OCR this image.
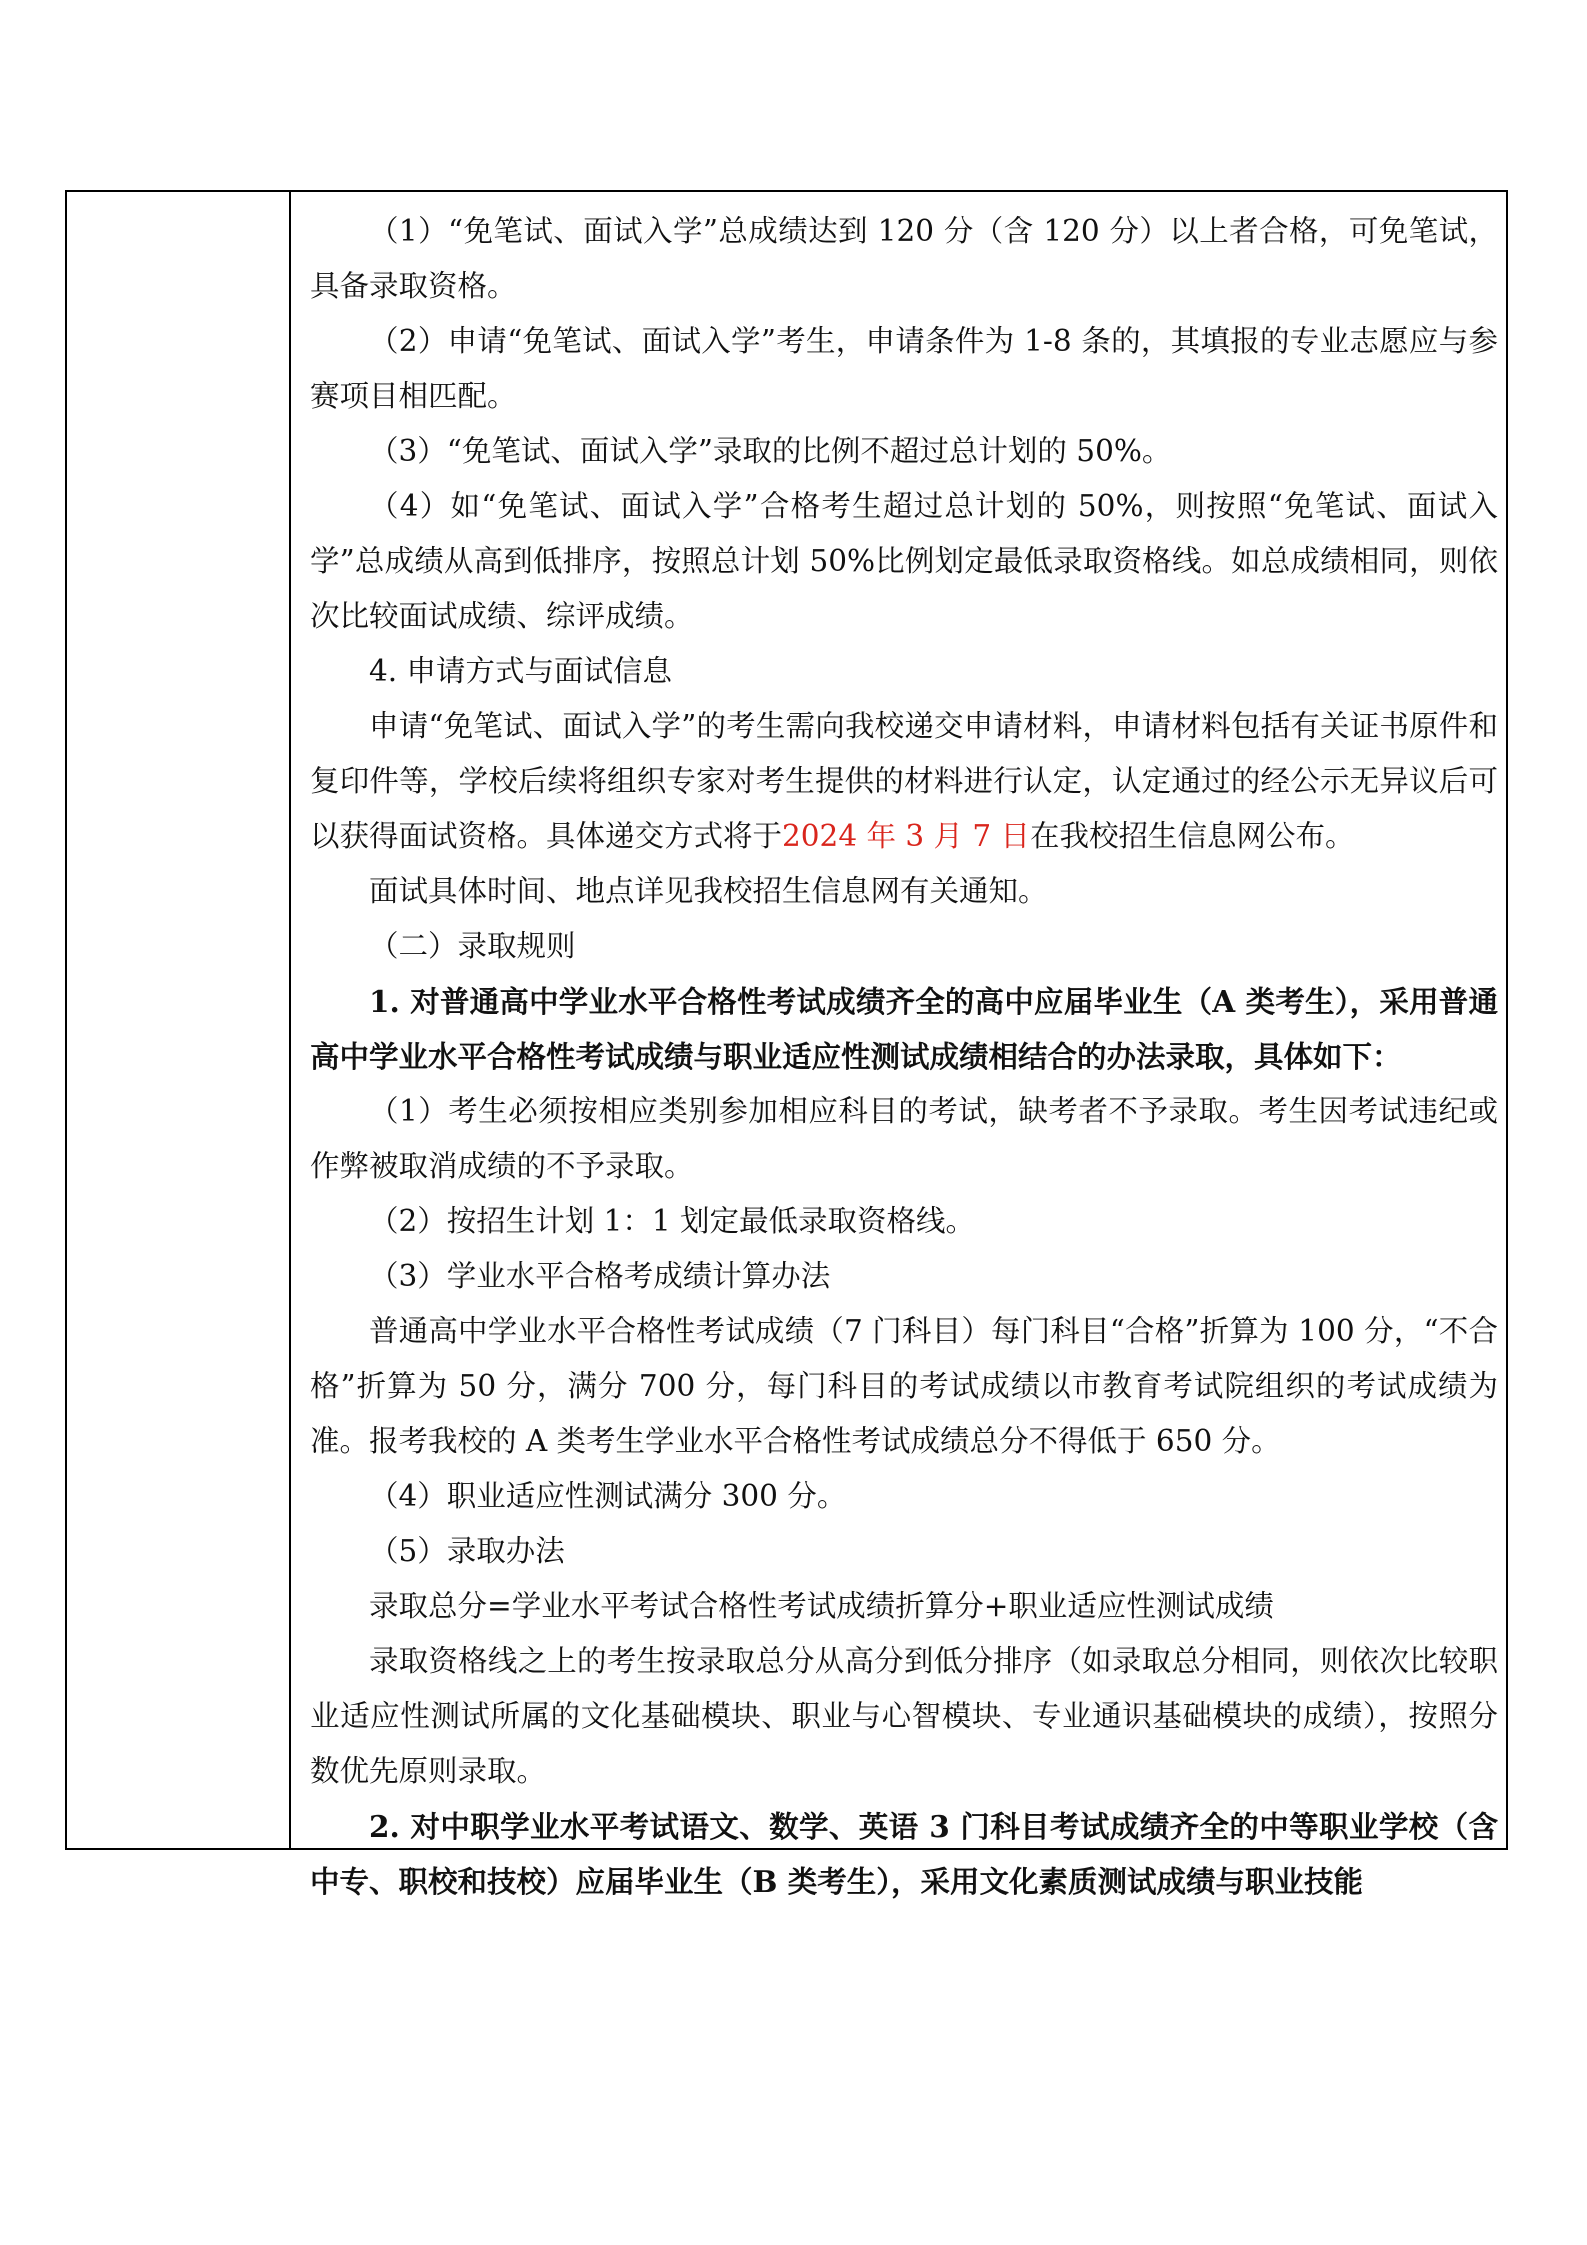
（1）“免笔试、面试入学”总成绩达到 120 分（含 120 分）以上者合格，可免笔试，具备录取资格。

（2）申请“免笔试、面试入学”考生，申请条件为 1-8 条的，其填报的专业志愿应与参赛项目相匹配。

（3）“免笔试、面试入学”录取的比例不超过总计划的 50%。

（4）如“免笔试、面试入学”合格考生超过总计划的 50%，则按照“免笔试、面试入学”总成绩从高到低排序，按照总计划 50%比例划定最低录取资格线。如总成绩相同，则依次比较面试成绩、综评成绩。

4. 申请方式与面试信息

申请“免笔试、面试入学”的考生需向我校递交申请材料，申请材料包括有关证书原件和复印件等，学校后续将组织专家对考生提供的材料进行认定，认定通过的经公示无异议后可以获得面试资格。具体递交方式将于2024 年 3 月 7 日在我校招生信息网公布。

面试具体时间、地点详见我校招生信息网有关通知。

（二）录取规则

1. 对普通高中学业水平合格性考试成绩齐全的高中应届毕业生（A 类考生），采用普通高中学业水平合格性考试成绩与职业适应性测试成绩相结合的办法录取，具体如下：

（1）考生必须按相应类别参加相应科目的考试，缺考者不予录取。考生因考试违纪或作弊被取消成绩的不予录取。

（2）按招生计划 1：1 划定最低录取资格线。

（3）学业水平合格考成绩计算办法

普通高中学业水平合格性考试成绩（7 门科目）每门科目“合格”折算为 100 分，“不合格”折算为 50 分，满分 700 分，每门科目的考试成绩以市教育考试院组织的考试成绩为准。报考我校的 A 类考生学业水平合格性考试成绩总分不得低于 650 分。

（4）职业适应性测试满分 300 分。

（5）录取办法

录取总分=学业水平考试合格性考试成绩折算分+职业适应性测试成绩

录取资格线之上的考生按录取总分从高分到低分排序（如录取总分相同，则依次比较职业适应性测试所属的文化基础模块、职业与心智模块、专业通识基础模块的成绩），按照分数优先原则录取。

2. 对中职学业水平考试语文、数学、英语 3 门科目考试成绩齐全的中等职业学校（含中专、职校和技校）应届毕业生（B 类考生），采用文化素质测试成绩与职业技能
